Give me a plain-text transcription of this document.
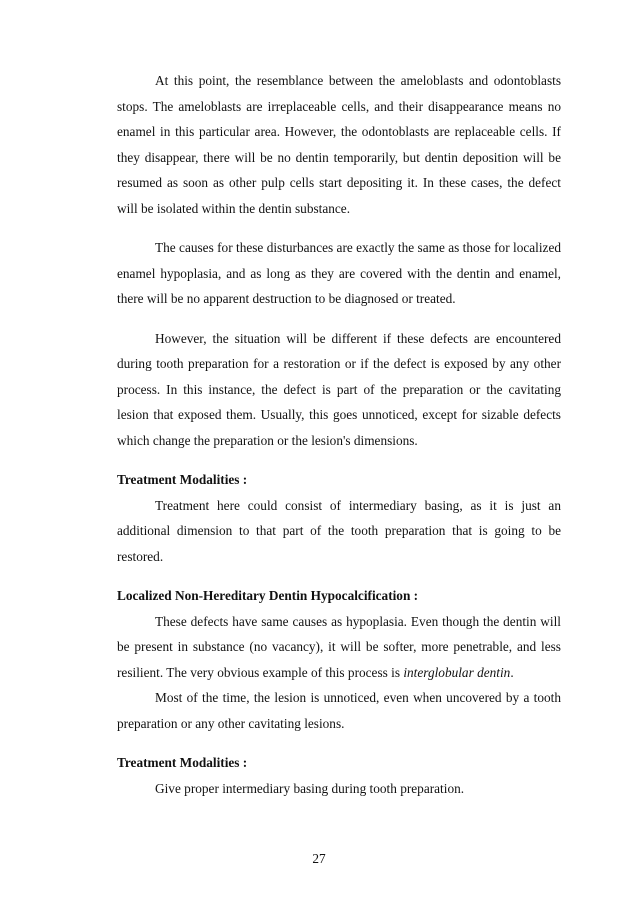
At this point, the resemblance between the ameloblasts and odontoblasts stops. The ameloblasts are irreplaceable cells, and their disappearance means no enamel in this particular area. However, the odontoblasts are replaceable cells. If they disappear, there will be no dentin temporarily, but dentin deposition will be resumed as soon as other pulp cells start depositing it. In these cases, the defect will be isolated within the dentin substance.

The causes for these disturbances are exactly the same as those for localized enamel hypoplasia, and as long as they are covered with the dentin and enamel, there will be no apparent destruction to be diagnosed or treated.

However, the situation will be different if these defects are encountered during tooth preparation for a restoration or if the defect is exposed by any other process. In this instance, the defect is part of the preparation or the cavitating lesion that exposed them. Usually, this goes unnoticed, except for sizable defects which change the preparation or the lesion's dimensions.

Treatment Modalities :

Treatment here could consist of intermediary basing, as it is just an additional dimension to that part of the tooth preparation that is going to be restored.

Localized Non-Hereditary Dentin Hypocalcification :

These defects have same causes as hypoplasia. Even though the dentin will be present in substance (no vacancy), it will be softer, more penetrable, and less resilient. The very obvious example of this process is interglobular dentin.

Most of the time, the lesion is unnoticed, even when uncovered by a tooth preparation or any other cavitating lesions.

Treatment Modalities :

Give proper intermediary basing during tooth preparation.

27
